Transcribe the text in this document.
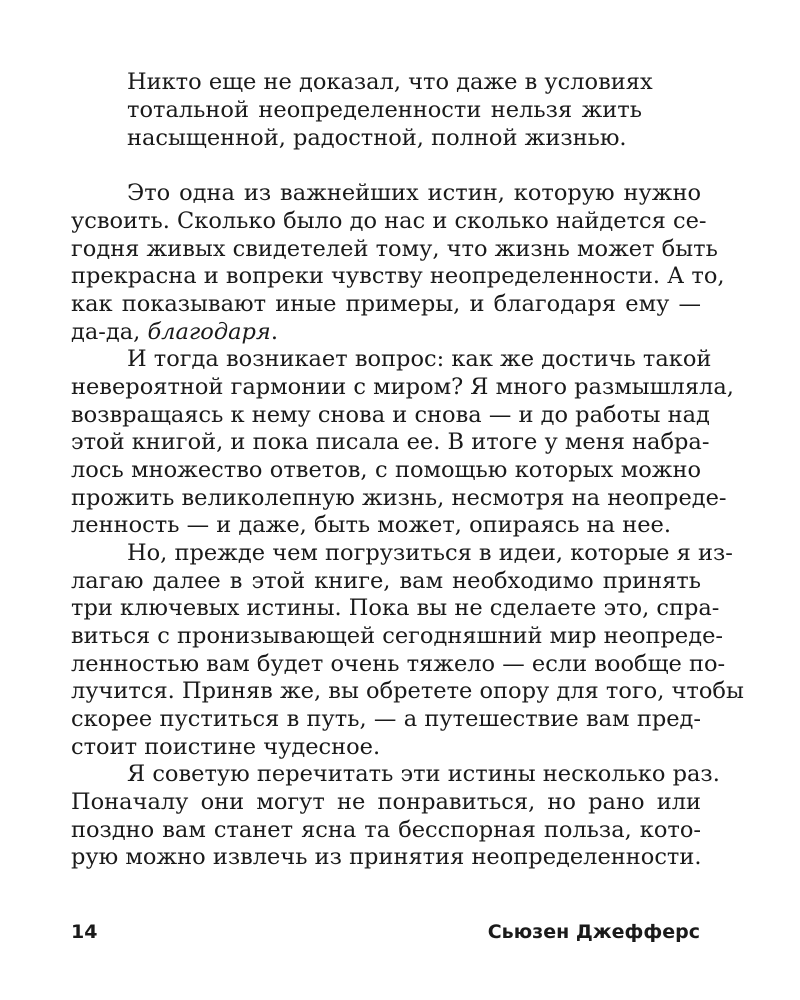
Никто еще не доказал, что даже в условиях
тотальной неопределенности нельзя жить
насыщенной, радостной, полной жизнью.
Это одна из важнейших истин, которую нужно
усвоить. Сколько было до нас и сколько найдется се-
годня живых свидетелей тому, что жизнь может быть
прекрасна и вопреки чувству неопределенности. А то,
как показывают иные примеры, и благодаря ему —
да-да, благодаря.
И тогда возникает вопрос: как же достичь такой
невероятной гармонии с миром? Я много размышляла,
возвращаясь к нему снова и снова — и до работы над
этой книгой, и пока писала ее. В итоге у меня набра-
лось множество ответов, с помощью которых можно
прожить великолепную жизнь, несмотря на неопреде-
ленность — и даже, быть может, опираясь на нее.
Но, прежде чем погрузиться в идеи, которые я из-
лагаю далее в этой книге, вам необходимо принять
три ключевых истины. Пока вы не сделаете это, спра-
виться с пронизывающей сегодняшний мир неопреде-
ленностью вам будет очень тяжело — если вообще по-
лучится. Приняв же, вы обретете опору для того, чтобы
скорее пуститься в путь, — а путешествие вам пред-
стоит поистине чудесное.
Я советую перечитать эти истины несколько раз.
Поначалу они могут не понравиться, но рано или
поздно вам станет ясна та бесспорная польза, кото-
рую можно извлечь из принятия неопределенности.
14	Сьюзен Джефферс
